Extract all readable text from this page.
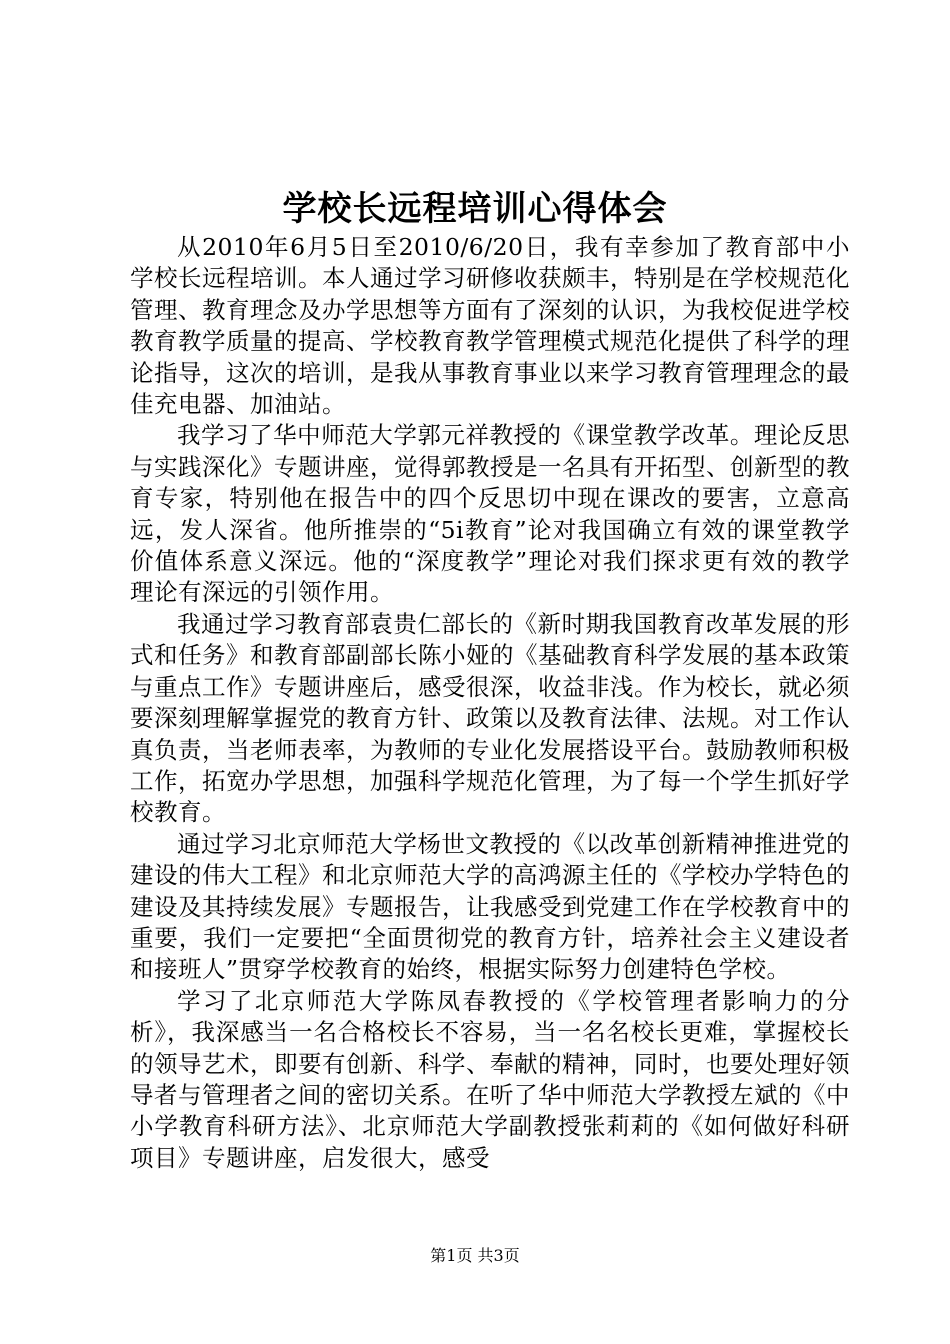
学校长远程培训心得体会

从2010年6月5日至2010/6/20日，我有幸参加了教育部中小学校长远程培训。本人通过学习研修收获颇丰，特别是在学校规范化管理、教育理念及办学思想等方面有了深刻的认识，为我校促进学校教育教学质量的提高、学校教育教学管理模式规范化提供了科学的理论指导，这次的培训，是我从事教育事业以来学习教育管理理念的最佳充电器、加油站。

我学习了华中师范大学郭元祥教授的《课堂教学改革。理论反思与实践深化》专题讲座，觉得郭教授是一名具有开拓型、创新型的教育专家，特别他在报告中的四个反思切中现在课改的要害，立意高远，发人深省。他所推崇的“5i教育”论对我国确立有效的课堂教学价值体系意义深远。他的“深度教学”理论对我们探求更有效的教学理论有深远的引领作用。

我通过学习教育部袁贵仁部长的《新时期我国教育改革发展的形式和任务》和教育部副部长陈小娅的《基础教育科学发展的基本政策与重点工作》专题讲座后，感受很深，收益非浅。作为校长，就必须要深刻理解掌握党的教育方针、政策以及教育法律、法规。对工作认真负责，当老师表率，为教师的专业化发展搭设平台。鼓励教师积极工作，拓宽办学思想，加强科学规范化管理，为了每一个学生抓好学校教育。

通过学习北京师范大学杨世文教授的《以改革创新精神推进党的建设的伟大工程》和北京师范大学的高鸿源主任的《学校办学特色的建设及其持续发展》专题报告，让我感受到党建工作在学校教育中的重要，我们一定要把“全面贯彻党的教育方针，培养社会主义建设者和接班人”贯穿学校教育的始终，根据实际努力创建特色学校。

学习了北京师范大学陈凤春教授的《学校管理者影响力的分析》，我深感当一名合格校长不容易，当一名名校长更难，掌握校长的领导艺术，即要有创新、科学、奉献的精神，同时，也要处理好领导者与管理者之间的密切关系。在听了华中师范大学教授左斌的《中小学教育科研方法》、北京师范大学副教授张莉莉的《如何做好科研项目》专题讲座，启发很大，感受

第1页 共3页
